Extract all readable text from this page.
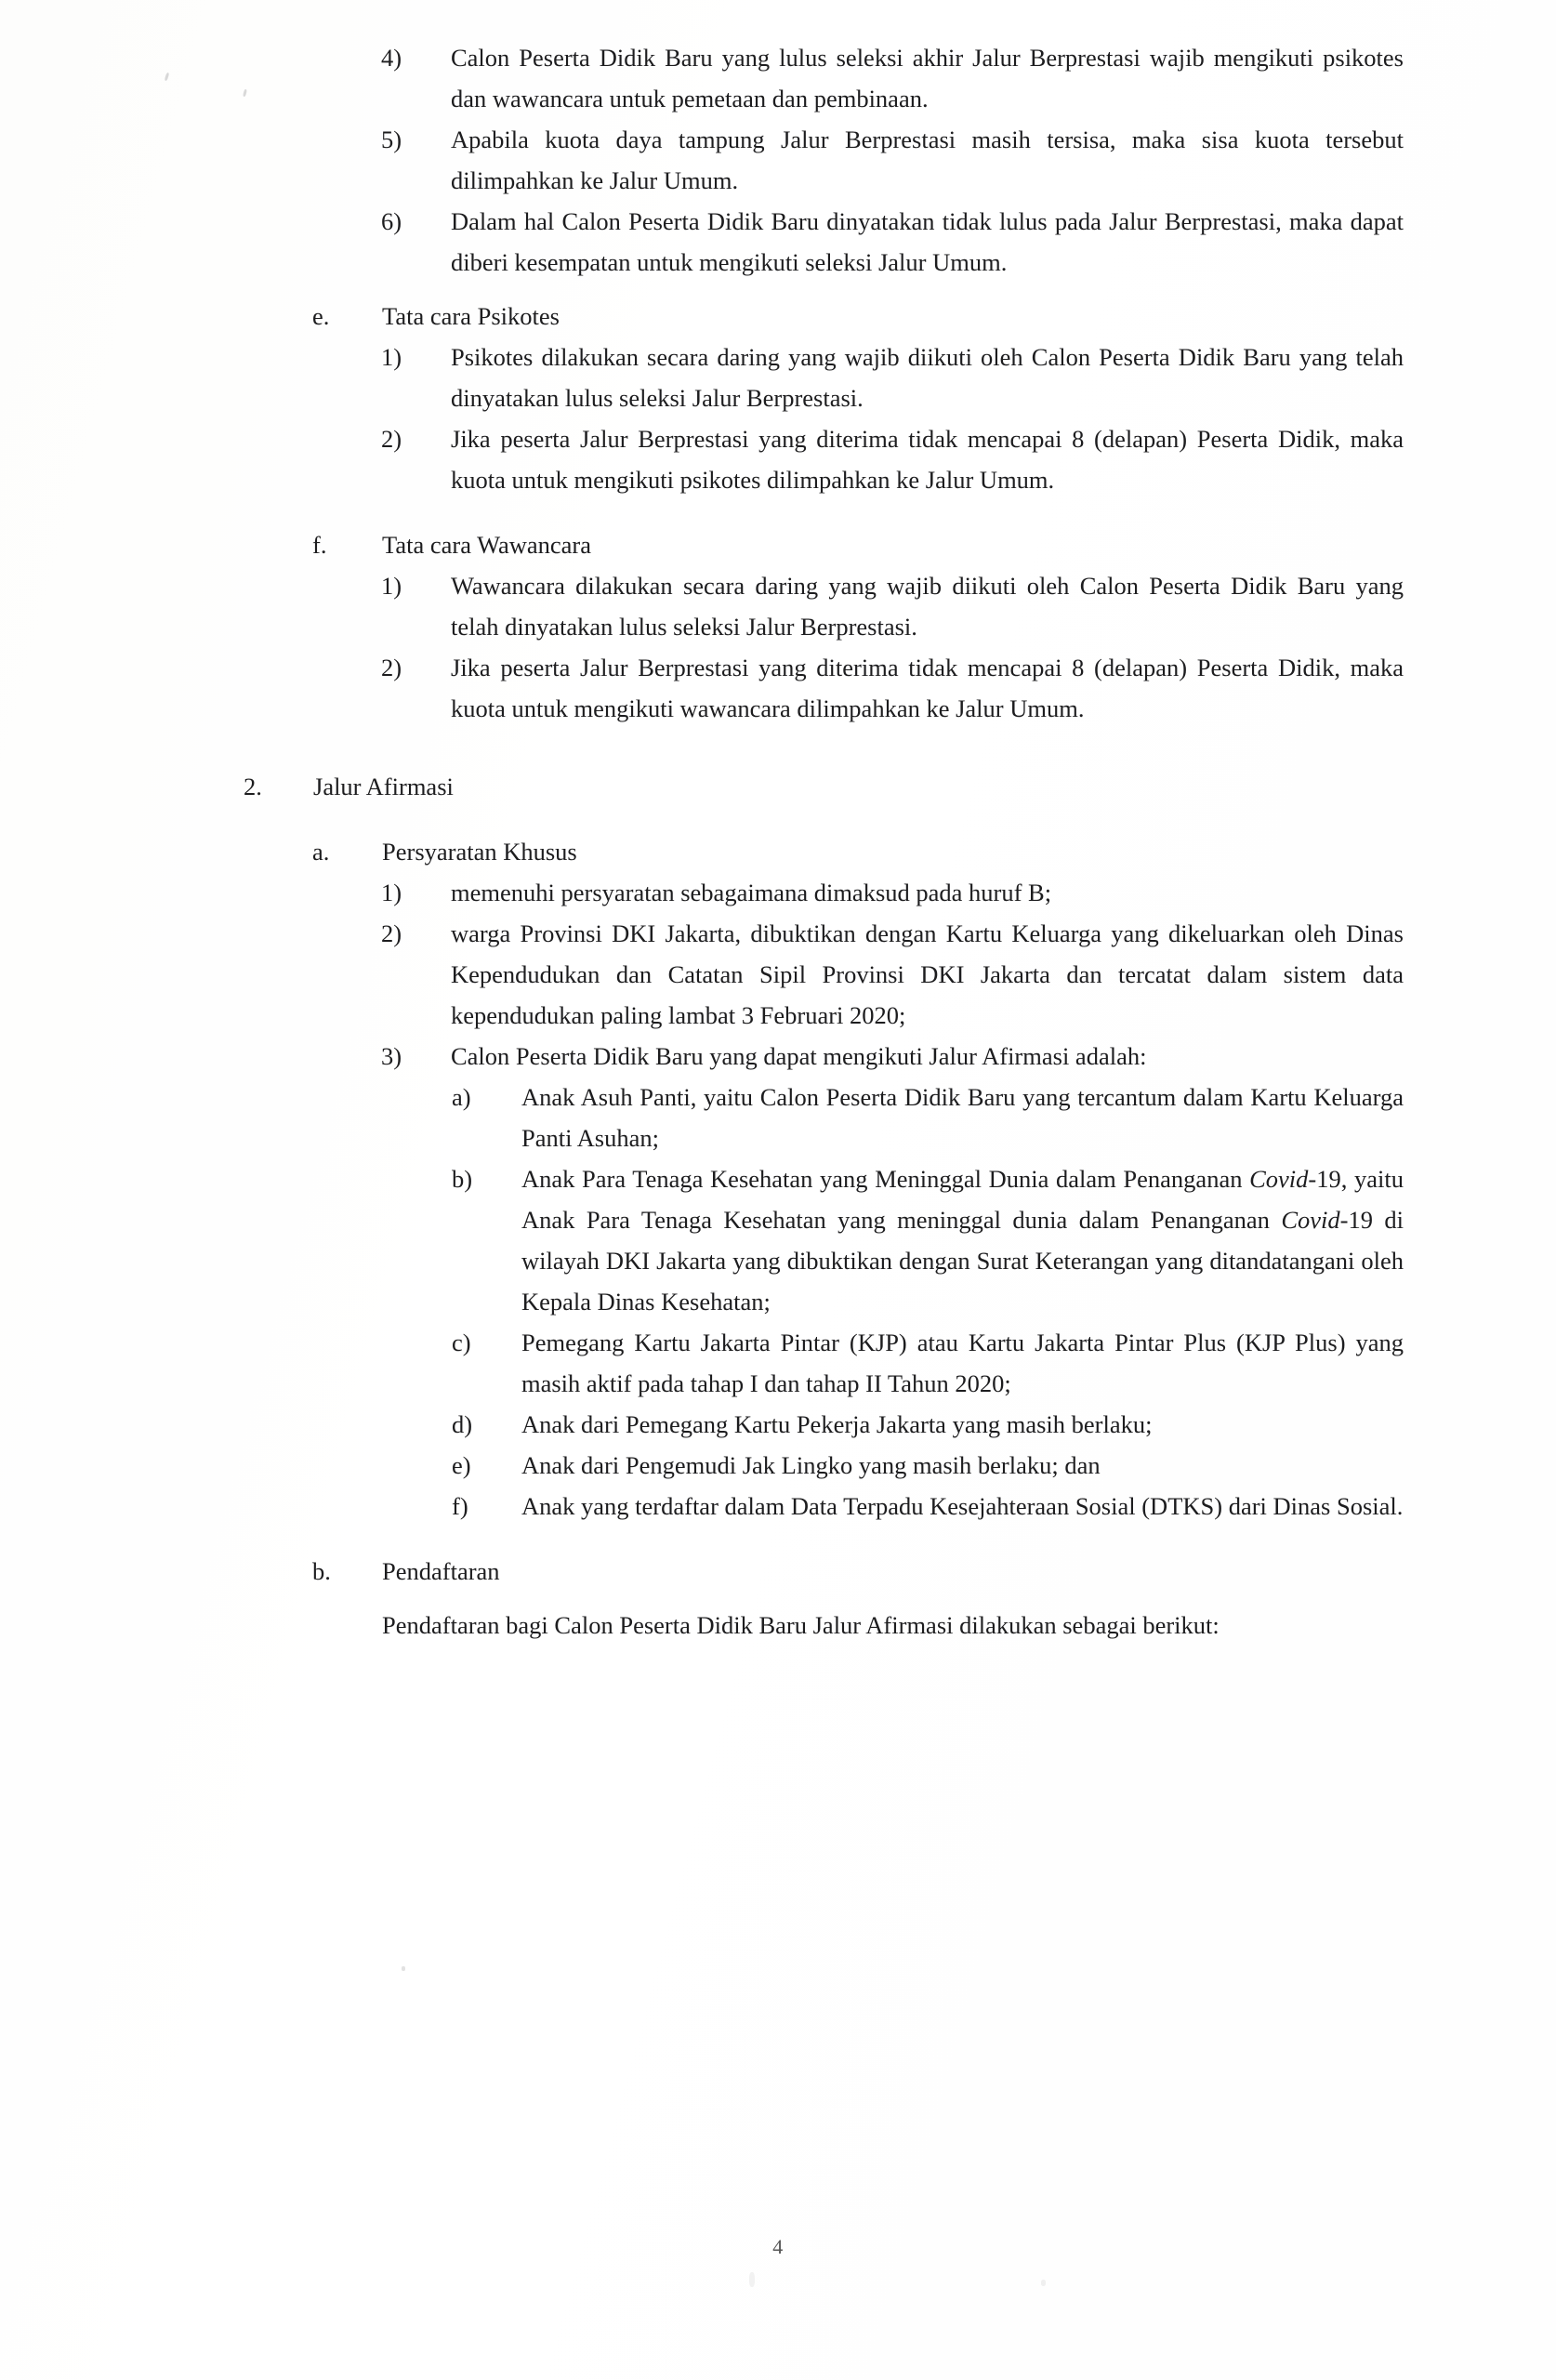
4)	Calon Peserta Didik Baru yang lulus seleksi akhir Jalur Berprestasi wajib mengikuti psikotes dan wawancara untuk pemetaan dan pembinaan.
5)	Apabila kuota daya tampung Jalur Berprestasi masih tersisa, maka sisa kuota tersebut dilimpahkan ke Jalur Umum.
6)	Dalam hal Calon Peserta Didik Baru dinyatakan tidak lulus pada Jalur Berprestasi, maka dapat diberi kesempatan untuk mengikuti seleksi Jalur Umum.
e.	Tata cara Psikotes
1)	Psikotes dilakukan secara daring yang wajib diikuti oleh Calon Peserta Didik Baru yang telah dinyatakan lulus seleksi Jalur Berprestasi.
2)	Jika peserta Jalur Berprestasi yang diterima tidak mencapai 8 (delapan) Peserta Didik, maka kuota untuk mengikuti psikotes dilimpahkan ke Jalur Umum.
f.	Tata cara Wawancara
1)	Wawancara dilakukan secara daring yang wajib diikuti oleh Calon Peserta Didik Baru yang telah dinyatakan lulus seleksi Jalur Berprestasi.
2)	Jika peserta Jalur Berprestasi yang diterima tidak mencapai 8 (delapan) Peserta Didik, maka kuota untuk mengikuti wawancara dilimpahkan ke Jalur Umum.
2.	Jalur Afirmasi
a.	Persyaratan Khusus
1)	memenuhi persyaratan sebagaimana dimaksud pada huruf B;
2)	warga Provinsi DKI Jakarta, dibuktikan dengan Kartu Keluarga yang dikeluarkan oleh Dinas Kependudukan dan Catatan Sipil Provinsi DKI Jakarta dan tercatat dalam sistem data kependudukan paling lambat 3 Februari 2020;
3)	Calon Peserta Didik Baru yang dapat mengikuti Jalur Afirmasi adalah:
a)	Anak Asuh Panti, yaitu Calon Peserta Didik Baru yang tercantum dalam Kartu Keluarga Panti Asuhan;
b)	Anak Para Tenaga Kesehatan yang Meninggal Dunia dalam Penanganan Covid-19, yaitu Anak Para Tenaga Kesehatan yang meninggal dunia dalam Penanganan Covid-19 di wilayah DKI Jakarta yang dibuktikan dengan Surat Keterangan yang ditandatangani oleh Kepala Dinas Kesehatan;
c)	Pemegang Kartu Jakarta Pintar (KJP) atau Kartu Jakarta Pintar Plus (KJP Plus) yang masih aktif pada tahap I dan tahap II Tahun 2020;
d)	Anak dari Pemegang Kartu Pekerja Jakarta yang masih berlaku;
e)	Anak dari Pengemudi Jak Lingko yang masih berlaku; dan
f)	Anak yang terdaftar dalam Data Terpadu Kesejahteraan Sosial (DTKS) dari Dinas Sosial.
b.	Pendaftaran
Pendaftaran bagi Calon Peserta Didik Baru Jalur Afirmasi dilakukan sebagai berikut:
4
